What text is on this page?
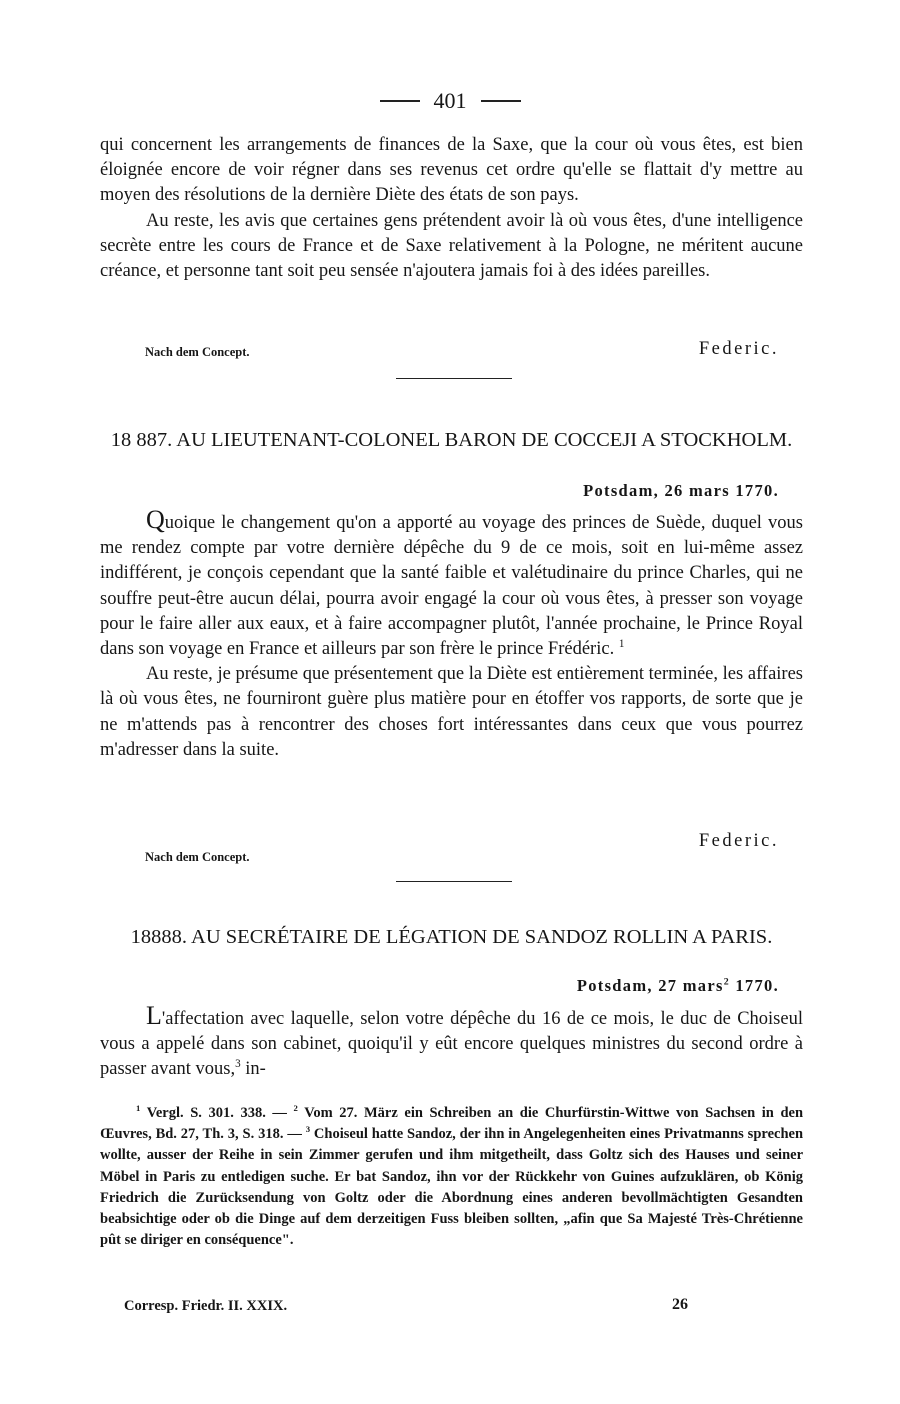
401

qui concernent les arrangements de finances de la Saxe, que la cour où vous êtes, est bien éloignée encore de voir régner dans ses revenus cet ordre qu'elle se flattait d'y mettre au moyen des résolutions de la dernière Diète des états de son pays.

Au reste, les avis que certaines gens prétendent avoir là où vous êtes, d'une intelligence secrète entre les cours de France et de Saxe relativement à la Pologne, ne méritent aucune créance, et personne tant soit peu sensée n'ajoutera jamais foi à des idées pareilles.

Nach dem Concept.	Federic.
18 887. AU LIEUTENANT-COLONEL BARON DE COCCEJI A STOCKHOLM.
Potsdam, 26 mars 1770.

Quoique le changement qu'on a apporté au voyage des princes de Suède, duquel vous me rendez compte par votre dernière dépêche du 9 de ce mois, soit en lui-même assez indifférent, je conçois cependant que la santé faible et valétudinaire du prince Charles, qui ne souffre peut-être aucun délai, pourra avoir engagé la cour où vous êtes, à presser son voyage pour le faire aller aux eaux, et à faire accompagner plutôt, l'année prochaine, le Prince Royal dans son voyage en France et ailleurs par son frère le prince Frédéric. $^1$

Au reste, je présume que présentement que la Diète est entièrement terminée, les affaires là où vous êtes, ne fourniront guère plus matière pour en étoffer vos rapports, de sorte que je ne m'attends pas à rencontrer des choses fort intéressantes dans ceux que vous pourrez m'adresser dans la suite.

Federic.
Nach dem Concept.
18888. AU SECRÉTAIRE DE LÉGATION DE SANDOZ ROLLIN A PARIS.
Potsdam, 27 mars$^2$ 1770.

L'affectation avec laquelle, selon votre dépêche du 16 de ce mois, le duc de Choiseul vous a appelé dans son cabinet, quoiqu'il y eût encore quelques ministres du second ordre à passer avant vous,$^3$ in-

$^1$ Vergl. S. 301. 338. — $^2$ Vom 27. März ein Schreiben an die Churfürstin-Wittwe von Sachsen in den Œuvres, Bd. 27, Th. 3, S. 318. — $^3$ Choiseul hatte Sandoz, der ihn in Angelegenheiten eines Privatmanns sprechen wollte, ausser der Reihe in sein Zimmer gerufen und ihm mitgetheilt, dass Goltz sich des Hauses und seiner Möbel in Paris zu entledigen suche. Er bat Sandoz, ihn vor der Rückkehr von Guines aufzuklären, ob König Friedrich die Zurücksendung von Goltz oder die Abordnung eines anderen bevollmächtigten Gesandten beabsichtige oder ob die Dinge auf dem derzeitigen Fuss bleiben sollten, „afin que Sa Majesté Très-Chrétienne pût se diriger en conséquence".

Corresp. Friedr. II. XXIX.	26
